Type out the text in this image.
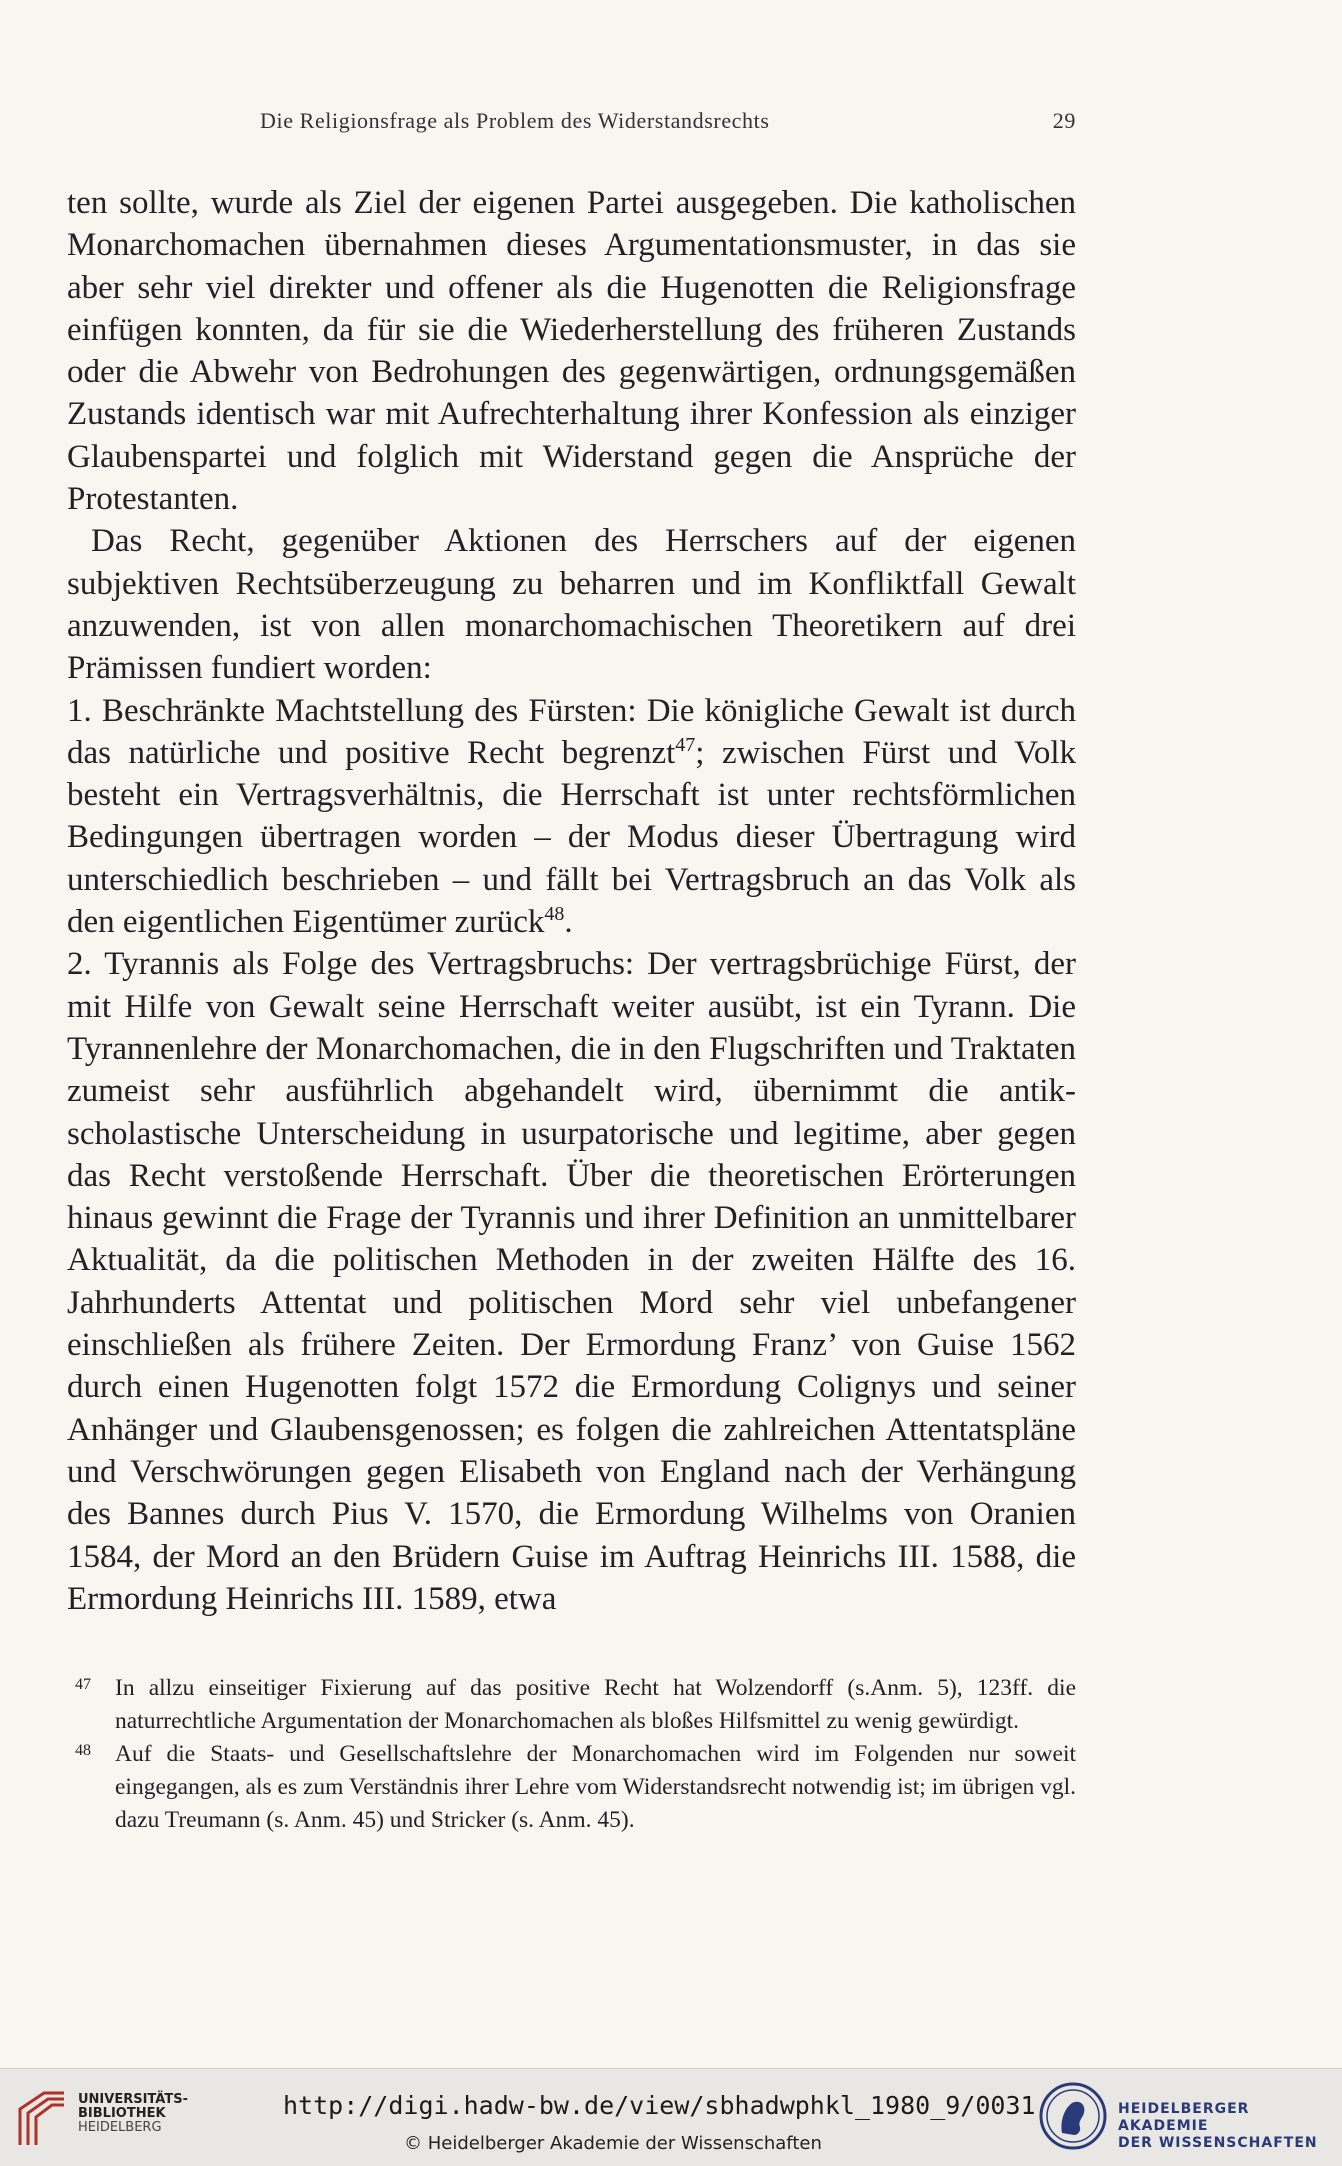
Die Religionsfrage als Problem des Widerstandsrechts	29

ten sollte, wurde als Ziel der eigenen Partei ausgegeben. Die katholischen Monarchomachen übernahmen dieses Argumentationsmuster, in das sie aber sehr viel direkter und offener als die Hugenotten die Religionsfrage einfügen konnten, da für sie die Wiederherstellung des früheren Zustands oder die Abwehr von Bedrohungen des gegenwärtigen, ordnungsgemäßen Zustands identisch war mit Aufrechterhaltung ihrer Konfession als einziger Glaubenspartei und folglich mit Widerstand gegen die Ansprüche der Protestanten.

Das Recht, gegenüber Aktionen des Herrschers auf der eigenen subjektiven Rechtsüberzeugung zu beharren und im Konfliktfall Gewalt anzuwenden, ist von allen monarchomachischen Theoretikern auf drei Prämissen fundiert worden:

1. Beschränkte Machtstellung des Fürsten: Die königliche Gewalt ist durch das natürliche und positive Recht begrenzt$^{47}$; zwischen Fürst und Volk besteht ein Vertragsverhältnis, die Herrschaft ist unter rechtsförmlichen Bedingungen übertragen worden – der Modus dieser Übertragung wird unterschiedlich beschrieben – und fällt bei Vertragsbruch an das Volk als den eigentlichen Eigentümer zurück$^{48}$.

2. Tyrannis als Folge des Vertragsbruchs: Der vertragsbrüchige Fürst, der mit Hilfe von Gewalt seine Herrschaft weiter ausübt, ist ein Tyrann. Die Tyrannenlehre der Monarchomachen, die in den Flugschriften und Traktaten zumeist sehr ausführlich abgehandelt wird, übernimmt die antik-scholastische Unterscheidung in usurpatorische und legitime, aber gegen das Recht verstoßende Herrschaft. Über die theoretischen Erörterungen hinaus gewinnt die Frage der Tyrannis und ihrer Definition an unmittelbarer Aktualität, da die politischen Methoden in der zweiten Hälfte des 16. Jahrhunderts Attentat und politischen Mord sehr viel unbefangener einschließen als frühere Zeiten. Der Ermordung Franz’ von Guise 1562 durch einen Hugenotten folgt 1572 die Ermordung Colignys und seiner Anhänger und Glaubensgenossen; es folgen die zahlreichen Attentatspläne und Verschwörungen gegen Elisabeth von England nach der Verhängung des Bannes durch Pius V. 1570, die Ermordung Wilhelms von Oranien 1584, der Mord an den Brüdern Guise im Auftrag Heinrichs III. 1588, die Ermordung Heinrichs III. 1589, etwa

47	In allzu einseitiger Fixierung auf das positive Recht hat Wolzendorff (s.Anm. 5), 123ff. die naturrechtliche Argumentation der Monarchomachen als bloßes Hilfsmittel zu wenig gewürdigt.
48	Auf die Staats- und Gesellschaftslehre der Monarchomachen wird im Folgenden nur soweit eingegangen, als es zum Verständnis ihrer Lehre vom Widerstandsrecht notwendig ist; im übrigen vgl. dazu Treumann (s. Anm. 45) und Stricker (s. Anm. 45).
UNIVERSITÄTS-
BIBLIOTHEK
HEIDELBERG
http://digi.hadw-bw.de/view/sbhadwphkl_1980_9/0031
© Heidelberger Akademie der Wissenschaften
HEIDELBERGER AKADEMIE
DER WISSENSCHAFTEN
